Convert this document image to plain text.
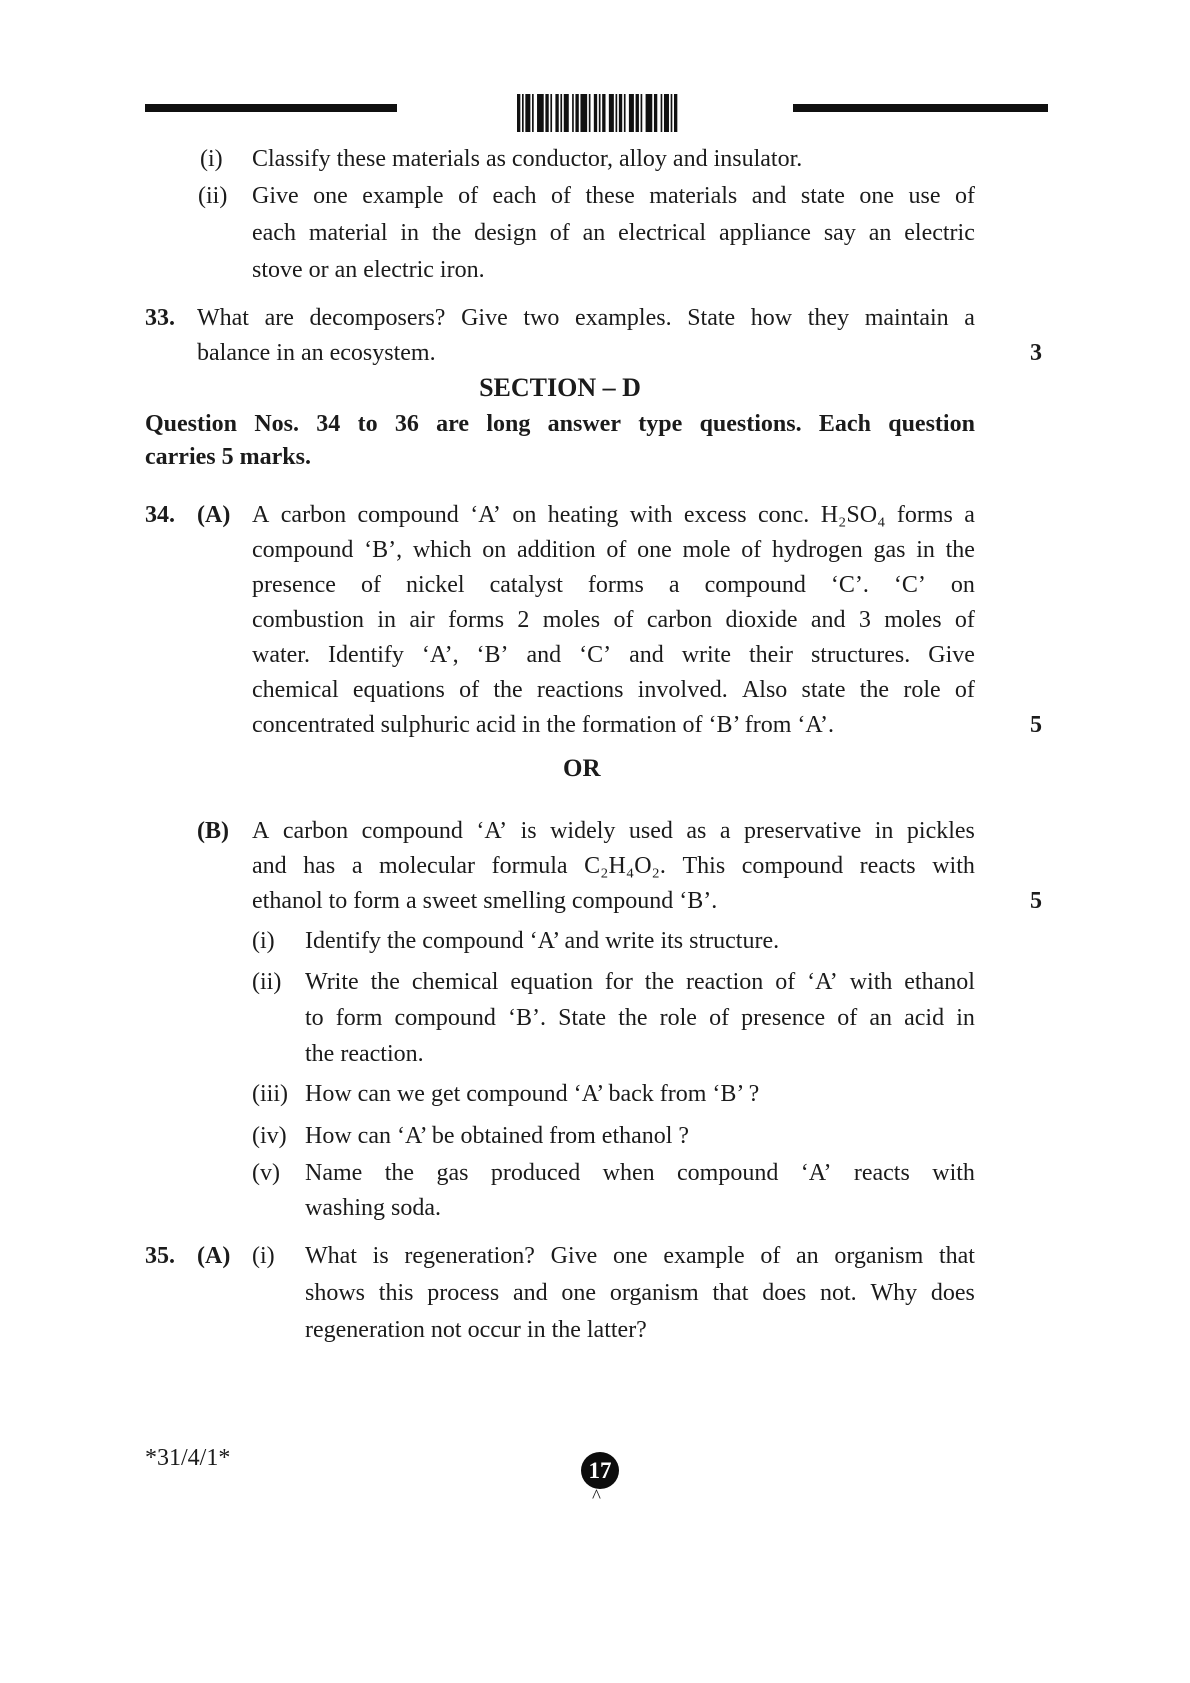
(i) Classify these materials as conductor, alloy and insulator.
(ii) Give one example of each of these materials and state one use of
each material in the design of an electrical appliance say an electric
stove or an electric iron.
33. What are decomposers? Give two examples. State how they maintain a
balance in an ecosystem.	3
SECTION – D
Question Nos. 34 to 36 are long answer type questions. Each question
carries 5 marks.
34. (A) A carbon compound ‘A’ on heating with excess conc. H₂SO₄ forms a
compound ‘B’, which on addition of one mole of hydrogen gas in the
presence of nickel catalyst forms a compound ‘C’. ‘C’ on
combustion in air forms 2 moles of carbon dioxide and 3 moles of
water. Identify ‘A’, ‘B’ and ‘C’ and write their structures. Give
chemical equations of the reactions involved. Also state the role of
concentrated sulphuric acid in the formation of ‘B’ from ‘A’.	5
OR
(B) A carbon compound ‘A’ is widely used as a preservative in pickles
and has a molecular formula C₂H₄O₂. This compound reacts with
ethanol to form a sweet smelling compound ‘B’.	5
(i) Identify the compound ‘A’ and write its structure.
(ii) Write the chemical equation for the reaction of ‘A’ with ethanol
to form compound ‘B’. State the role of presence of an acid in
the reaction.
(iii) How can we get compound ‘A’ back from ‘B’ ?
(iv) How can ‘A’ be obtained from ethanol ?
(v) Name the gas produced when compound ‘A’ reacts with
washing soda.
35. (A) (i) What is regeneration? Give one example of an organism that
shows this process and one organism that does not. Why does
regeneration not occur in the latter?
*31/4/1*	17
^
